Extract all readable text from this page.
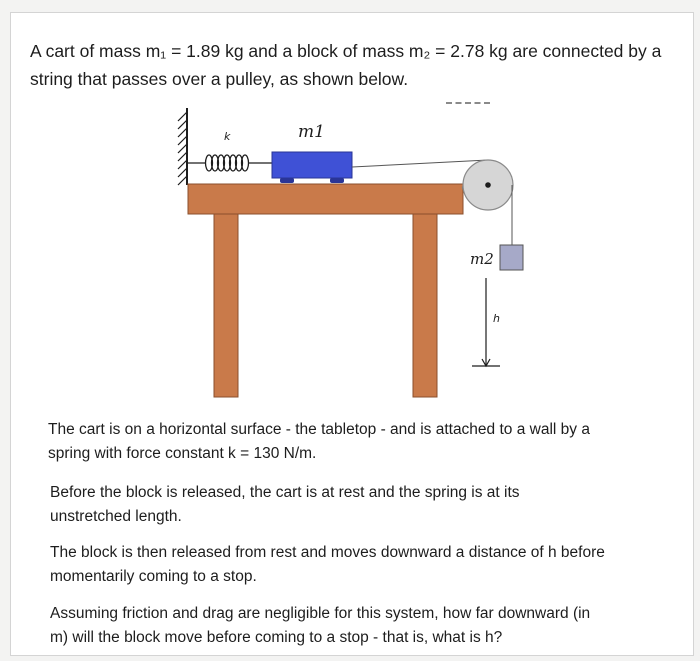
A cart of mass m₁ = 1.89 kg and a block of mass m₂ = 2.78 kg are connected by a
string that passes over a pulley, as shown below.
k	m1
m2
h
The cart is on a horizontal surface - the tabletop - and is attached to a wall by a
spring with force constant k = 130 N/m.
Before the block is released, the cart is at rest and the spring is at its
unstretched length.
The block is then released from rest and moves downward a distance of h before
momentarily coming to a stop.
Assuming friction and drag are negligible for this system, how far downward (in
m) will the block move before coming to a stop - that is, what is h?
